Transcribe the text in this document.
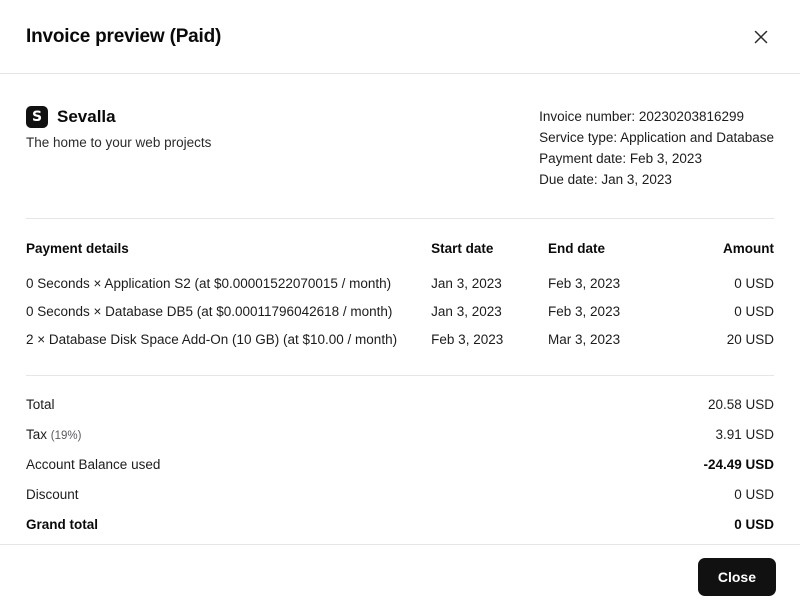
Invoice preview (Paid)
S Sevalla
The home to your web projects
Invoice number: 20230203816299
Service type: Application and Database
Payment date: Feb 3, 2023
Due date: Jan 3, 2023
Payment details	Start date	End date	Amount
0 Seconds × Application S2 (at $0.00001522070015 / month)	Jan 3, 2023	Feb 3, 2023	0 USD
0 Seconds × Database DB5 (at $0.00011796042618 / month)	Jan 3, 2023	Feb 3, 2023	0 USD
2 × Database Disk Space Add-On (10 GB) (at $10.00 / month)	Feb 3, 2023	Mar 3, 2023	20 USD
Total	20.58 USD
Tax (19%)	3.91 USD
Account Balance used	-24.49 USD
Discount	0 USD
Grand total	0 USD
Close
